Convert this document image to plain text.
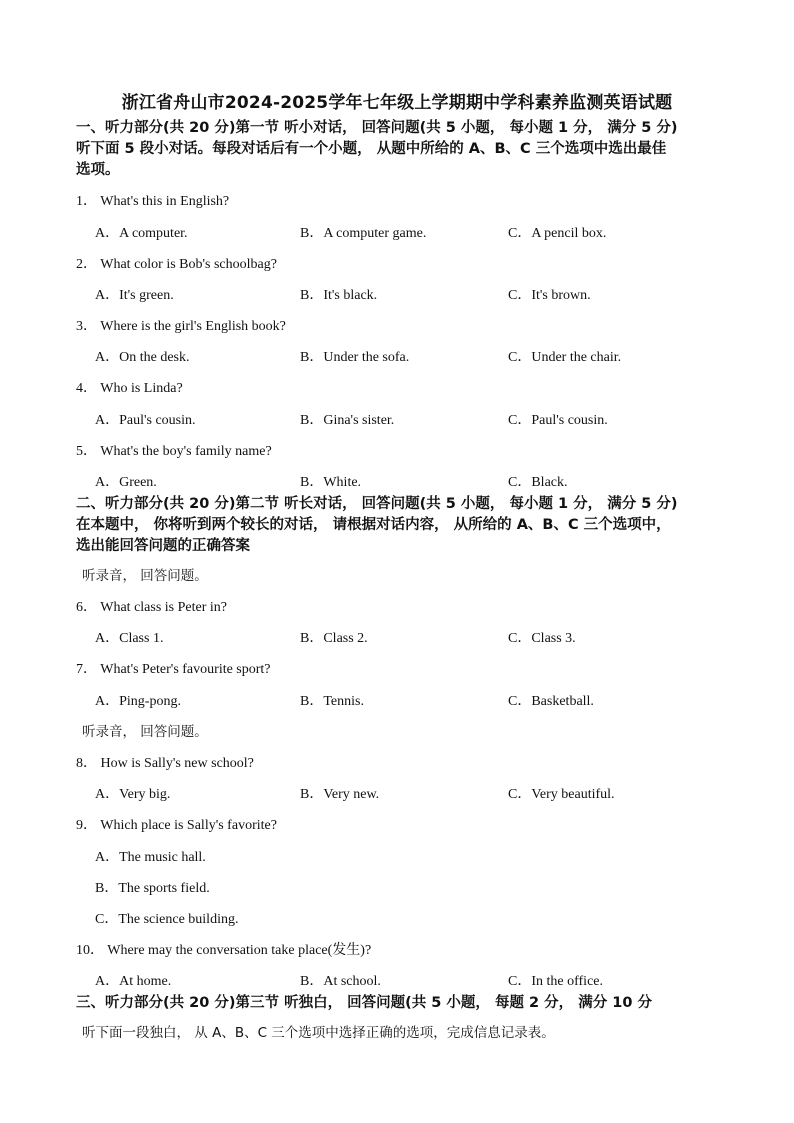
浙江省舟山市2024-2025学年七年级上学期期中学科素养监测英语试题
一、听力部分(共 20 分)第一节 听小对话， 回答问题(共 5 小题， 每小题 1 分， 满分 5 分)
听下面 5 段小对话。每段对话后有一个小题， 从题中所给的 A、B、C 三个选项中选出最佳
选项。
1． What's this in English?
A．A computer.	B．A computer game.	C．A pencil box.
2． What color is Bob's schoolbag?
A．It's green.	B．It's black.	C．It's brown.
3． Where is the girl's English book?
A．On the desk.	B．Under the sofa.	C．Under the chair.
4． Who is Linda?
A．Paul's cousin.	B．Gina's sister.	C．Paul's cousin.
5． What's the boy's family name?
A．Green.	B．White.	C．Black.
二、听力部分(共 20 分)第二节 听长对话， 回答问题(共 5 小题， 每小题 1 分， 满分 5 分)
在本题中， 你将听到两个较长的对话， 请根据对话内容， 从所给的 A、B、C 三个选项中，
选出能回答问题的正确答案
听录音， 回答问题。
6． What class is Peter in?
A．Class 1.	B．Class 2.	C．Class 3.
7． What's Peter's favourite sport?
A．Ping-pong.	B．Tennis.	C．Basketball.
听录音， 回答问题。
8． How is Sally's new school?
A．Very big.	B．Very new.	C．Very beautiful.
9． Which place is Sally's favorite?
A．The music hall.
B．The sports field.
C．The science building.
10． Where may the conversation take place(发生)?
A．At home.	B．At school.	C．In the office.
三、听力部分(共 20 分)第三节 听独白， 回答问题(共 5 小题， 每题 2 分， 满分 10 分
听下面一段独白， 从 A、B、C 三个选项中选择正确的选项，完成信息记录表。
